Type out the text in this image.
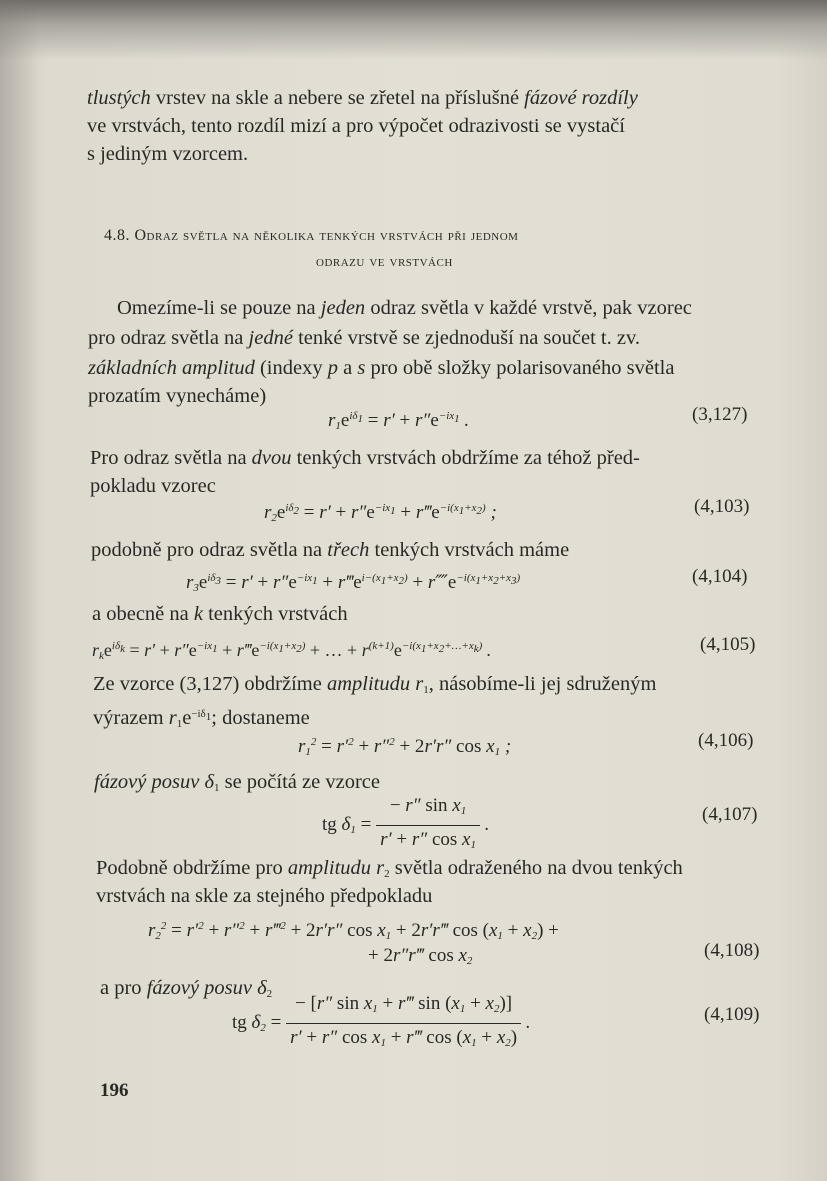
tlustých vrstev na skle a nebere se zřetel na příslušné fázové rozdíly
ve vrstvách, tento rozdíl mizí a pro výpočet odrazivosti se vystačí
s jediným vzorcem.
4.8. Odraz světla na několika tenkých vrstvách při jednom
odrazu ve vrstvách
Omezíme-li se pouze na jeden odraz světla v každé vrstvě, pak vzorec
pro odraz světla na jedné tenké vrstvě se zjednoduší na součet t. zv.
základních amplitud (indexy p a s pro obě složky polarisovaného světla
prozatím vynecháme)
$r_1e^{i\delta_1} = r' + r''e^{-ix_1}$ .	(3,127)
Pro odraz světla na dvou tenkých vrstvách obdržíme za téhož před-
pokladu vzorec
$r_2e^{i\delta_2} = r' + r''e^{-ix_1}$ + $r‴e^{-i(x_1+x_2)}$ ;	(4,103)
podobně pro odraz světla na třech tenkých vrstvách máme
$r_3e^{i\delta_3} = r' + r''e^{-ix_1}$ + $r‴e^{i-(x_1+x_2)}$ + $r⁗e^{-i(x_1+x_2+x_3)}$	(4,104)
a obecně na k tenkých vrstvách
$r_ke^{i\delta_k} = r' + r''e^{-ix_1}$ + $r‴e^{-i(x_1+x_2)}$ + … + $r^{(k+1)}e^{-i(x_1+x_2+\dots+x_k)}$ .	(4,105)
Ze vzorce (3,127) obdržíme amplitudu $r_1$, násobíme-li jej sdruženým
výrazem $r_1e^{-i\delta_1}$; dostaneme
$r_1^2 = r'^2 + r''^2 + 2r'r''$ $\cos x_1$ ;	(4,106)
fázový posuv $\delta_1$ se počítá ze vzorce
tg $\delta_1 = \frac{- r'' \sin x_1}{r' + r'' \cos x_1}$ .	(4,107)
Podobně obdržíme pro amplitudu $r_2$ světla odraženého na dvou tenkých
vrstvách na skle za stejného předpokladu
$r_2^2 = r'^2 + r''^2$ + r‴$^2$ + 2r′r″ $\cos x_1$ + 2r′r‴ $\cos (x_1 + x_2)$ +
+ 2r″r‴ $\cos x_2$	(4,108)
a pro fázový posuv $\delta_2$
tg $\delta_2 = \frac{- [r'' \sin x_1 + r‴ \sin (x_1 + x_2)]}{r' + r'' \cos x_1 + r‴ \cos (x_1 + x_2)}$ .	(4,109)
196
